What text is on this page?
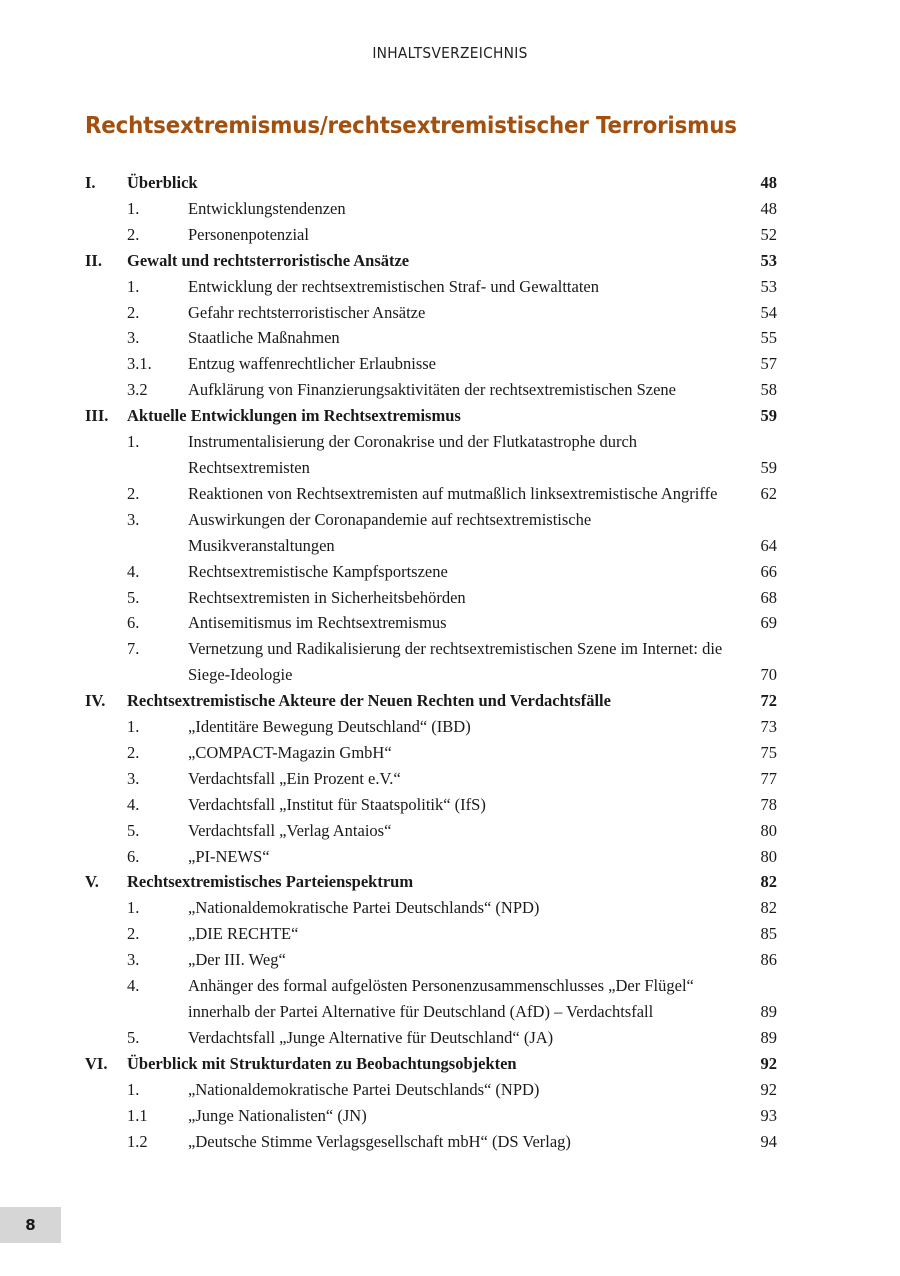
INHALTSVERZEICHNIS
Rechtsextremismus/rechtsextremistischer Terrorismus
I.	Überblick	48
1.	Entwicklungstendenzen	48
2.	Personenpotenzial	52
II.	Gewalt und rechtsterroristische Ansätze	53
1.	Entwicklung der rechtsextremistischen Straf- und Gewalttaten	53
2.	Gefahr rechtsterroristischer Ansätze	54
3.	Staatliche Maßnahmen	55
3.1.	Entzug waffenrechtlicher Erlaubnisse	57
3.2	Aufklärung von Finanzierungsaktivitäten der rechtsextremistischen Szene	58
III.	Aktuelle Entwicklungen im Rechtsextremismus	59
1.	Instrumentalisierung der Coronakrise und der Flutkatastrophe durch Rechtsextremisten	59
2.	Reaktionen von Rechtsextremisten auf mutmaßlich linksextremistische Angriffe	62
3.	Auswirkungen der Coronapandemie auf rechtsextremistische Musikveranstaltungen	64
4.	Rechtsextremistische Kampfsportszene	66
5.	Rechtsextremisten in Sicherheitsbehörden	68
6.	Antisemitismus im Rechtsextremismus	69
7.	Vernetzung und Radikalisierung der rechtsextremistischen Szene im Internet: die Siege-Ideologie	70
IV.	Rechtsextremistische Akteure der Neuen Rechten und Verdachtsfälle	72
1.	„Identitäre Bewegung Deutschland“ (IBD)	73
2.	„COMPACT-Magazin GmbH“	75
3.	Verdachtsfall „Ein Prozent e.V.“	77
4.	Verdachtsfall „Institut für Staatspolitik“ (IfS)	78
5.	Verdachtsfall „Verlag Antaios“	80
6.	„PI-NEWS“	80
V.	Rechtsextremistisches Parteienspektrum	82
1.	„Nationaldemokratische Partei Deutschlands“ (NPD)	82
2.	„DIE RECHTE“	85
3.	„Der III. Weg“	86
4.	Anhänger des formal aufgelösten Personenzusammenschlusses „Der Flügel“ innerhalb der Partei Alternative für Deutschland (AfD) – Verdachtsfall	89
5.	Verdachtsfall „Junge Alternative für Deutschland“ (JA)	89
VI.	Überblick mit Strukturdaten zu Beobachtungsobjekten	92
1.	„Nationaldemokratische Partei Deutschlands“ (NPD)	92
1.1	„Junge Nationalisten“ (JN)	93
1.2	„Deutsche Stimme Verlagsgesellschaft mbH“ (DS Verlag)	94
8
